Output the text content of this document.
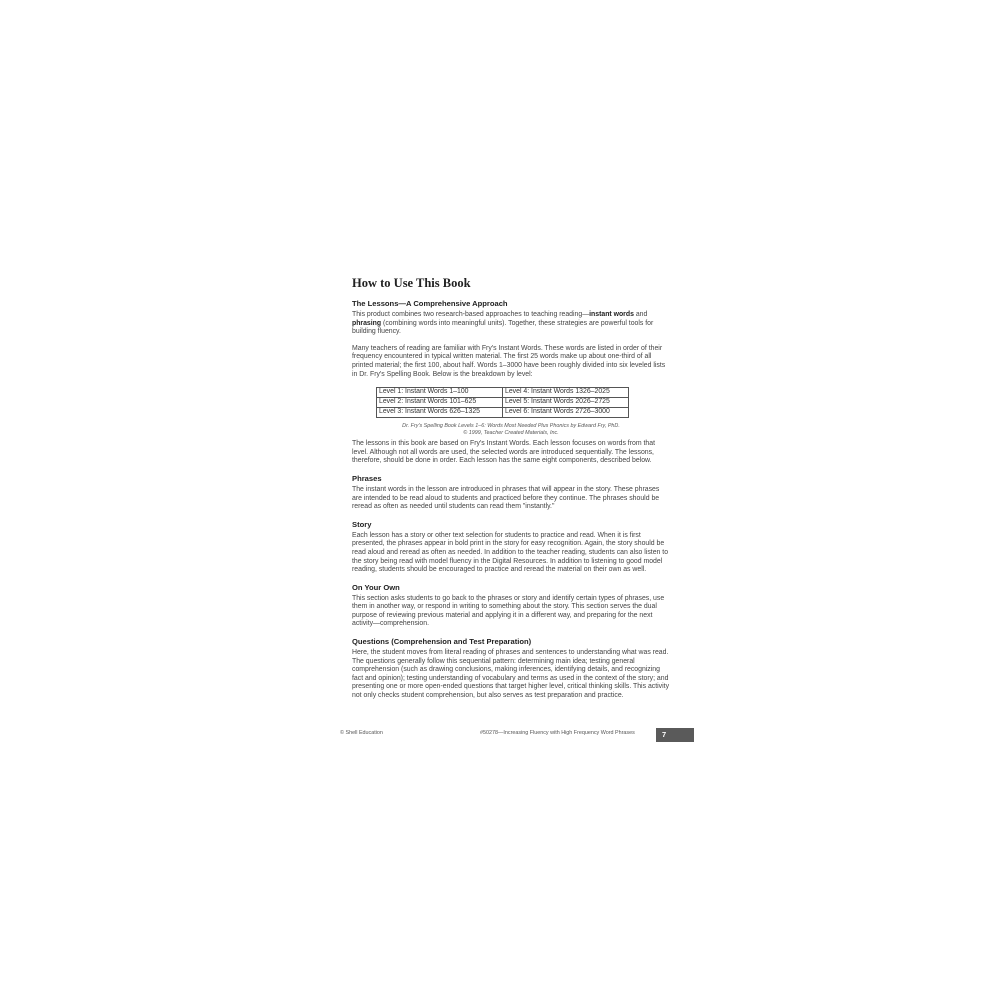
How to Use This Book
The Lessons—A Comprehensive Approach

This product combines two research-based approaches to teaching reading—instant words and phrasing (combining words into meaningful units). Together, these strategies are powerful tools for building fluency.

Many teachers of reading are familiar with Fry's Instant Words. These words are listed in order of their frequency encountered in typical written material. The first 25 words make up about one-third of all printed material; the first 100, about half. Words 1–3000 have been roughly divided into six leveled lists in Dr. Fry's Spelling Book. Below is the breakdown by level:

Level 1: Instant Words 1–100	Level 4: Instant Words 1326–2025
Level 2: Instant Words 101–625	Level 5: Instant Words 2026–2725
Level 3: Instant Words 626–1325	Level 6: Instant Words 2726–3000
Dr. Fry's Spelling Book Levels 1–6: Words Most Needed Plus Phonics by Edward Fry, PhD.
© 1999, Teacher Created Materials, Inc.

The lessons in this book are based on Fry's Instant Words. Each lesson focuses on words from that level. Although not all words are used, the selected words are introduced sequentially. The lessons, therefore, should be done in order. Each lesson has the same eight components, described below.

Phrases

The instant words in the lesson are introduced in phrases that will appear in the story. These phrases are intended to be read aloud to students and practiced before they continue. The phrases should be reread as often as needed until students can read them "instantly."

Story

Each lesson has a story or other text selection for students to practice and read. When it is first presented, the phrases appear in bold print in the story for easy recognition. Again, the story should be read aloud and reread as often as needed. In addition to the teacher reading, students can also listen to the story being read with model fluency in the Digital Resources. In addition to listening to good model reading, students should be encouraged to practice and reread the material on their own as well.

On Your Own

This section asks students to go back to the phrases or story and identify certain types of phrases, use them in another way, or respond in writing to something about the story. This section serves the dual purpose of reviewing previous material and applying it in a different way, and preparing for the next activity—comprehension.

Questions (Comprehension and Test Preparation)

Here, the student moves from literal reading of phrases and sentences to understanding what was read. The questions generally follow this sequential pattern: determining main idea; testing general comprehension (such as drawing conclusions, making inferences, identifying details, and recognizing fact and opinion); testing understanding of vocabulary and terms as used in the context of the story; and presenting one or more open-ended questions that target higher level, critical thinking skills. This activity not only checks student comprehension, but also serves as test preparation and practice.

© Shell Education	#50278—Increasing Fluency with High Frequency Word Phrases	7
